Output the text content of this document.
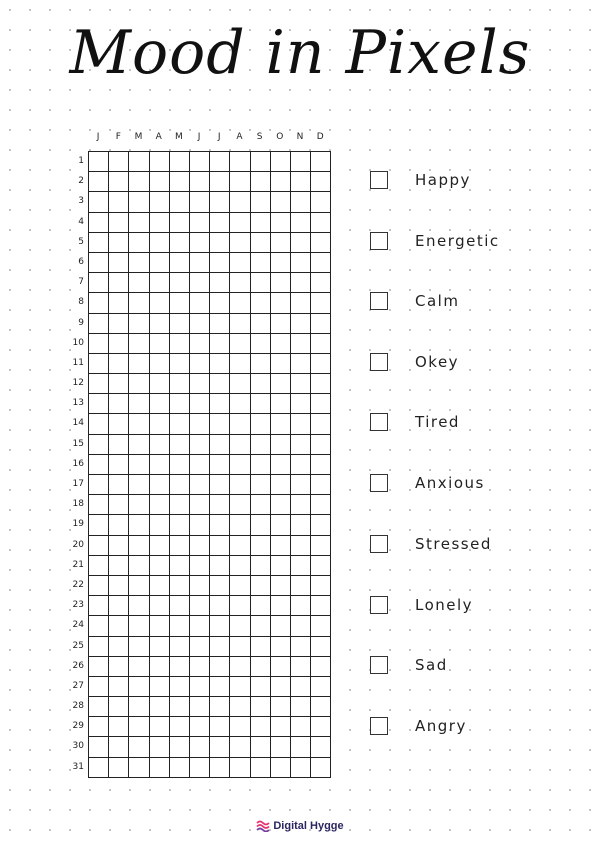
Mood in Pixels
J	F	M	A	M	J	J	A	S	O	N	D
1
2
3
4
5
6
7
8
9
10
11
12
13
14
15
16
17
18
19
20
21
22
23
24
25
26
27
28
29
30
31
Happy
Energetic
Calm
Okey
Tired
Anxious
Stressed
Lonely
Sad
Angry
Digital Hygge
